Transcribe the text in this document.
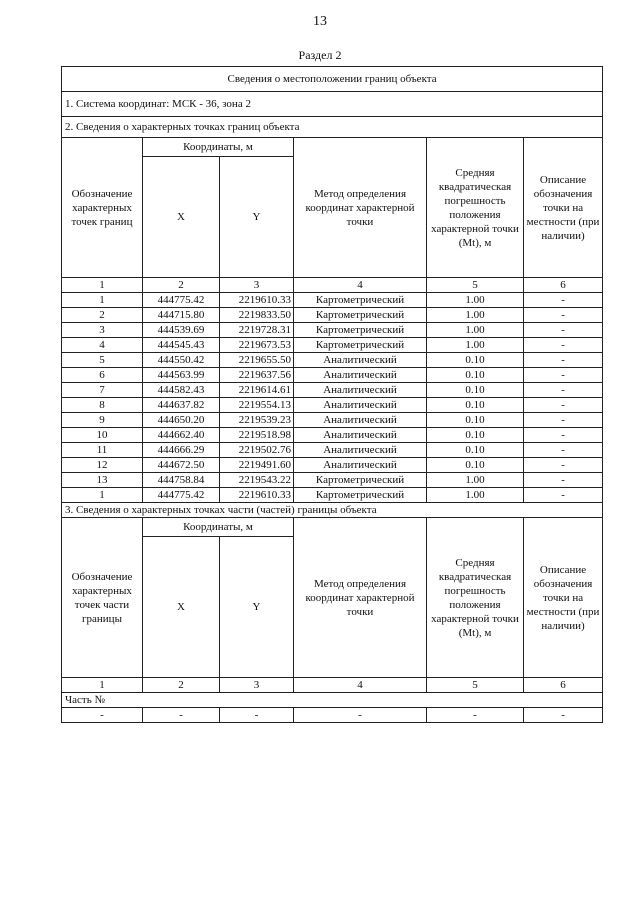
13
Раздел 2
Сведения о местоположении границ объекта					
1. Система координат: МСК - 36, зона 2					
2. Сведения о характерных точках границ объекта					
Обозначение характерных точек границ	Координаты, м		Метод определения координат характерной точки	Средняя квадратическая погрешность положения характерной точки (Mt), м	Описание обозначения точки на местности (при наличии)
	X	Y			
1	2	3	4	5	6
1	444775.42	2219610.33	Картометрический	1.00	-
2	444715.80	2219833.50	Картометрический	1.00	-
3	444539.69	2219728.31	Картометрический	1.00	-
4	444545.43	2219673.53	Картометрический	1.00	-
5	444550.42	2219655.50	Аналитический	0.10	-
6	444563.99	2219637.56	Аналитический	0.10	-
7	444582.43	2219614.61	Аналитический	0.10	-
8	444637.82	2219554.13	Аналитический	0.10	-
9	444650.20	2219539.23	Аналитический	0.10	-
10	444662.40	2219518.98	Аналитический	0.10	-
11	444666.29	2219502.76	Аналитический	0.10	-
12	444672.50	2219491.60	Аналитический	0.10	-
13	444758.84	2219543.22	Картометрический	1.00	-
1	444775.42	2219610.33	Картометрический	1.00	-
3. Сведения о характерных точках части (частей) границы объекта					
Обозначение характерных точек части границы	Координаты, м		Метод определения координат характерной точки	Средняя квадратическая погрешность положения характерной точки (Mt), м	Описание обозначения точки на местности (при наличии)
	X	Y			
1	2	3	4	5	6
Часть №					
-	-	-	-	-	-
